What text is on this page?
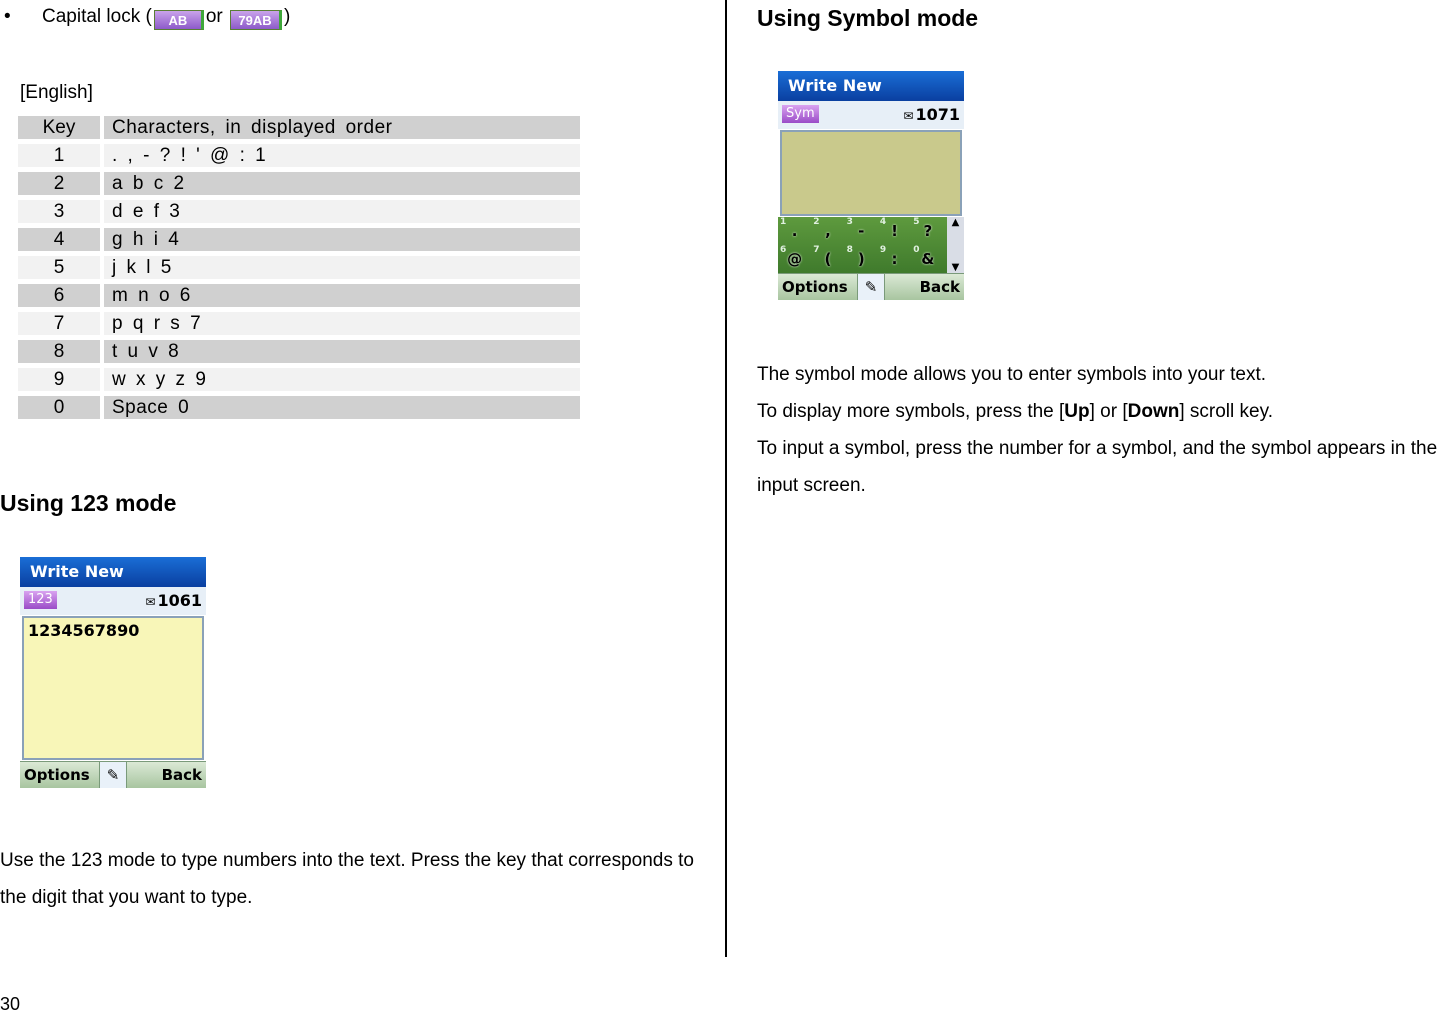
• Capital lock ( AB or 79AB )
[English]
Key		Characters, in displayed order
1		. , - ? ! ' @ : 1
2		a b c 2
3		d e f 3
4		g h i 4
5		j k l 5
6		m n o 6
7		p q r s 7
8		t u v 8
9		w x y z 9
0		Space 0
Using 123 mode
Write New
123	✉ 1061
1234567890
Options	✎	Back
Use the 123 mode to type numbers into the text. Press the key that corresponds to the digit that you want to type.
30
Using Symbol mode
Write New
Sym	✉ 1071
1 .	2 ,	3 -	4 !	5 ?
6 @	7 (	8 )	9 :	0 &
▲
▼
Options	✎	Back
The symbol mode allows you to enter symbols into your text.
To display more symbols, press the [Up] or [Down] scroll key.
To input a symbol, press the number for a symbol, and the symbol appears in the input screen.
